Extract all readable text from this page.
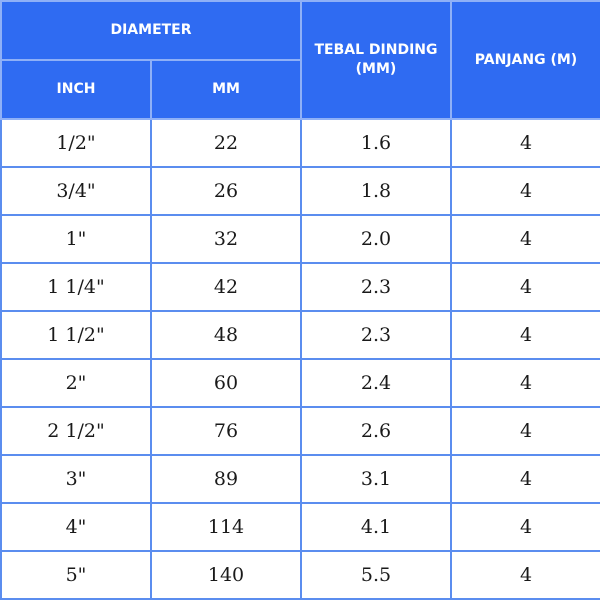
DIAMETER		TEBAL DINDING (MM)	PANJANG (M)
INCH	MM		
1/2"	22	1.6	4
3/4"	26	1.8	4
1"	32	2.0	4
1 1/4"	42	2.3	4
1 1/2"	48	2.3	4
2"	60	2.4	4
2 1/2"	76	2.6	4
3"	89	3.1	4
4"	114	4.1	4
5"	140	5.5	4
